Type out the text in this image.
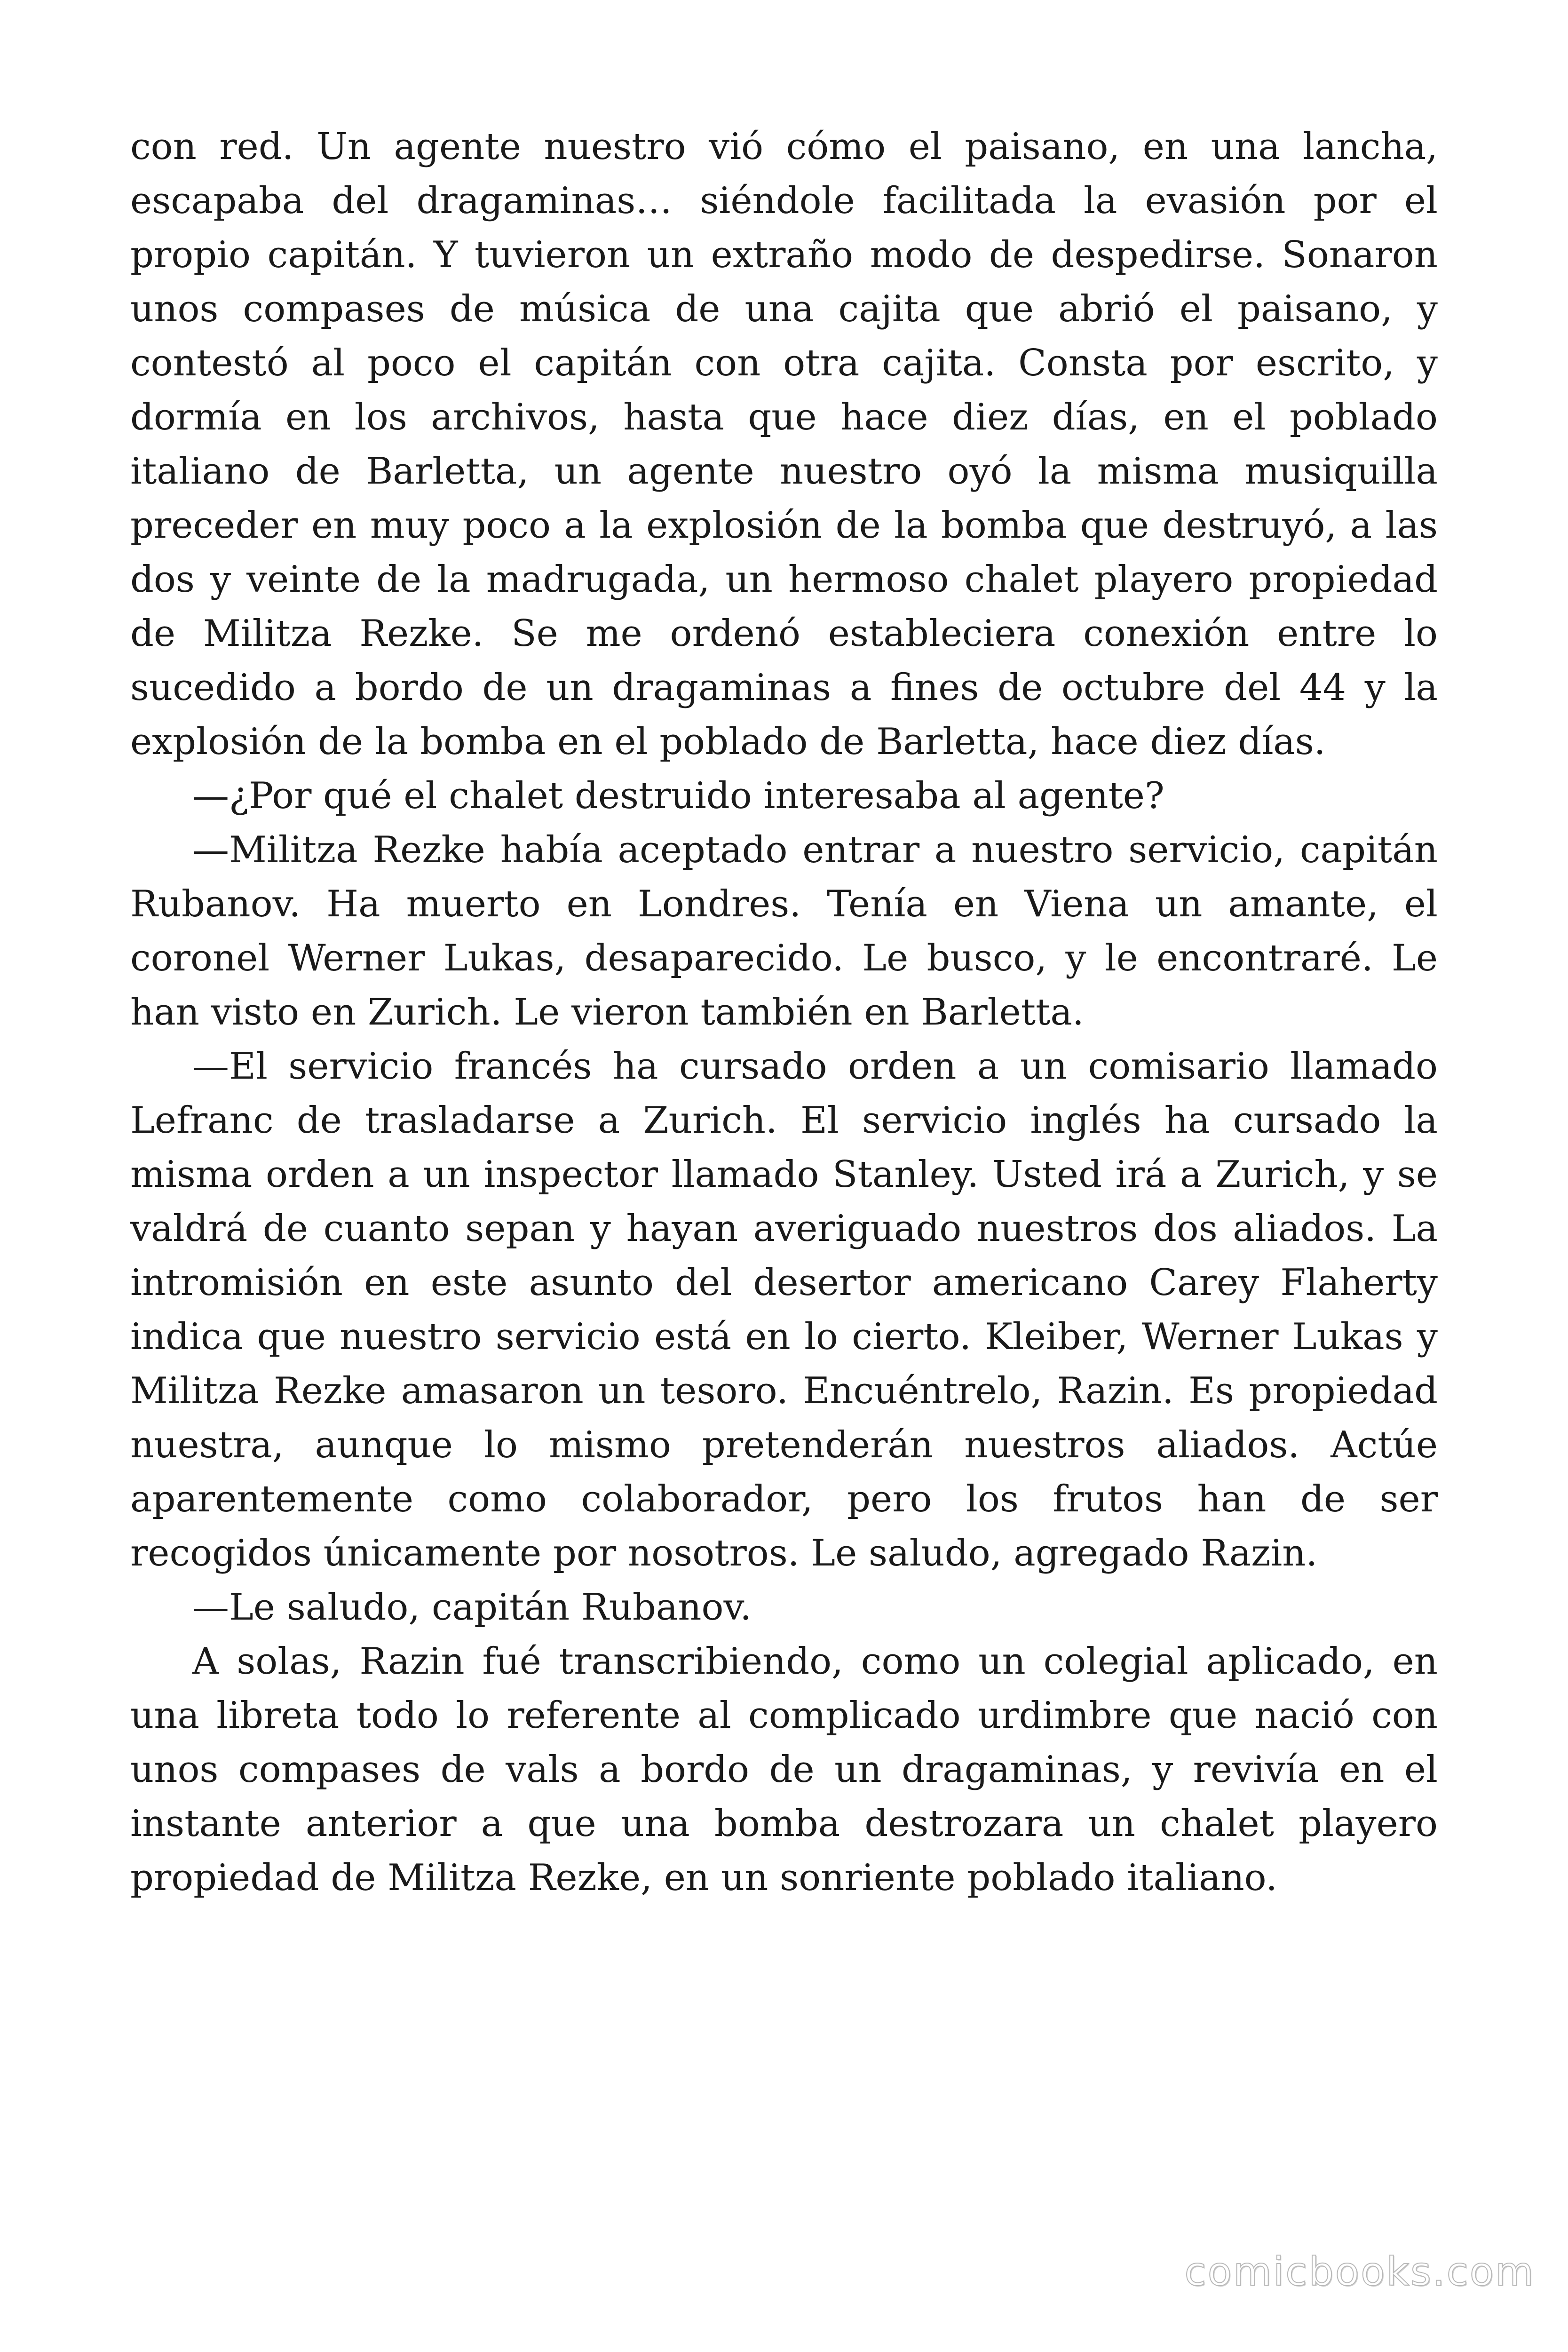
con red. Un agente nuestro vió cómo el paisano, en una lancha, escapaba del dragaminas… siéndole facilitada la evasión por el propio capitán. Y tuvieron un extraño modo de despedirse. Sonaron unos compases de música de una cajita que abrió el paisano, y contestó al poco el capitán con otra cajita. Consta por escrito, y dormía en los archivos, hasta que hace diez días, en el poblado italiano de Barletta, un agente nuestro oyó la misma musiquilla preceder en muy poco a la explosión de la bomba que destruyó, a las dos y veinte de la madrugada, un hermoso chalet playero propiedad de Militza Rezke. Se me ordenó estableciera conexión entre lo sucedido a bordo de un dragaminas a fines de octubre del 44 y la explosión de la bomba en el poblado de Barletta, hace diez días.

—¿Por qué el chalet destruido interesaba al agente?

—Militza Rezke había aceptado entrar a nuestro servicio, capitán Rubanov. Ha muerto en Londres. Tenía en Viena un amante, el coronel Werner Lukas, desaparecido. Le busco, y le encontraré. Le han visto en Zurich. Le vieron también en Barletta.

—El servicio francés ha cursado orden a un comisario llamado Lefranc de trasladarse a Zurich. El servicio inglés ha cursado la misma orden a un inspector llamado Stanley. Usted irá a Zurich, y se valdrá de cuanto sepan y hayan averiguado nuestros dos aliados. La intromisión en este asunto del desertor americano Carey Flaherty indica que nuestro servicio está en lo cierto. Kleiber, Werner Lukas y Militza Rezke amasaron un tesoro. Encuéntrelo, Razin. Es propiedad nuestra, aunque lo mismo pretenderán nuestros aliados. Actúe aparentemente como colaborador, pero los frutos han de ser recogidos únicamente por nosotros. Le saludo, agregado Razin.

—Le saludo, capitán Rubanov.

A solas, Razin fué transcribiendo, como un colegial aplicado, en una libreta todo lo referente al complicado urdimbre que nació con unos compases de vals a bordo de un dragaminas, y revivía en el instante anterior a que una bomba destrozara un chalet playero propiedad de Militza Rezke, en un sonriente poblado italiano.

comicbooks.com
